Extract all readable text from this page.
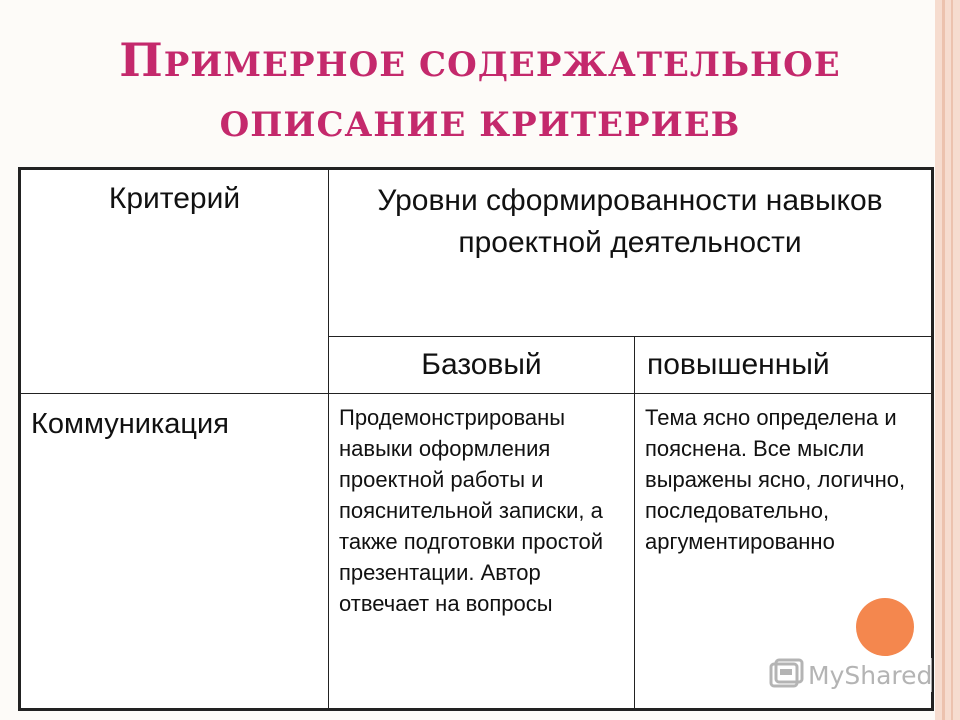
ПРИМЕРНОЕ СОДЕРЖАТЕЛЬНОЕ
ОПИСАНИЕ КРИТЕРИЕВ
Критерий	Уровни сформированности навыков проектной деятельности	
	Базовый	повышенный
Коммуникация	Продемонстрированы навыки оформления проектной работы и пояснительной записки, а также подготовки простой презентации. Автор отвечает на вопросы	Тема ясно определена и пояснена. Все мысли выражены ясно, логично, последовательно, аргументированно
MyShared
